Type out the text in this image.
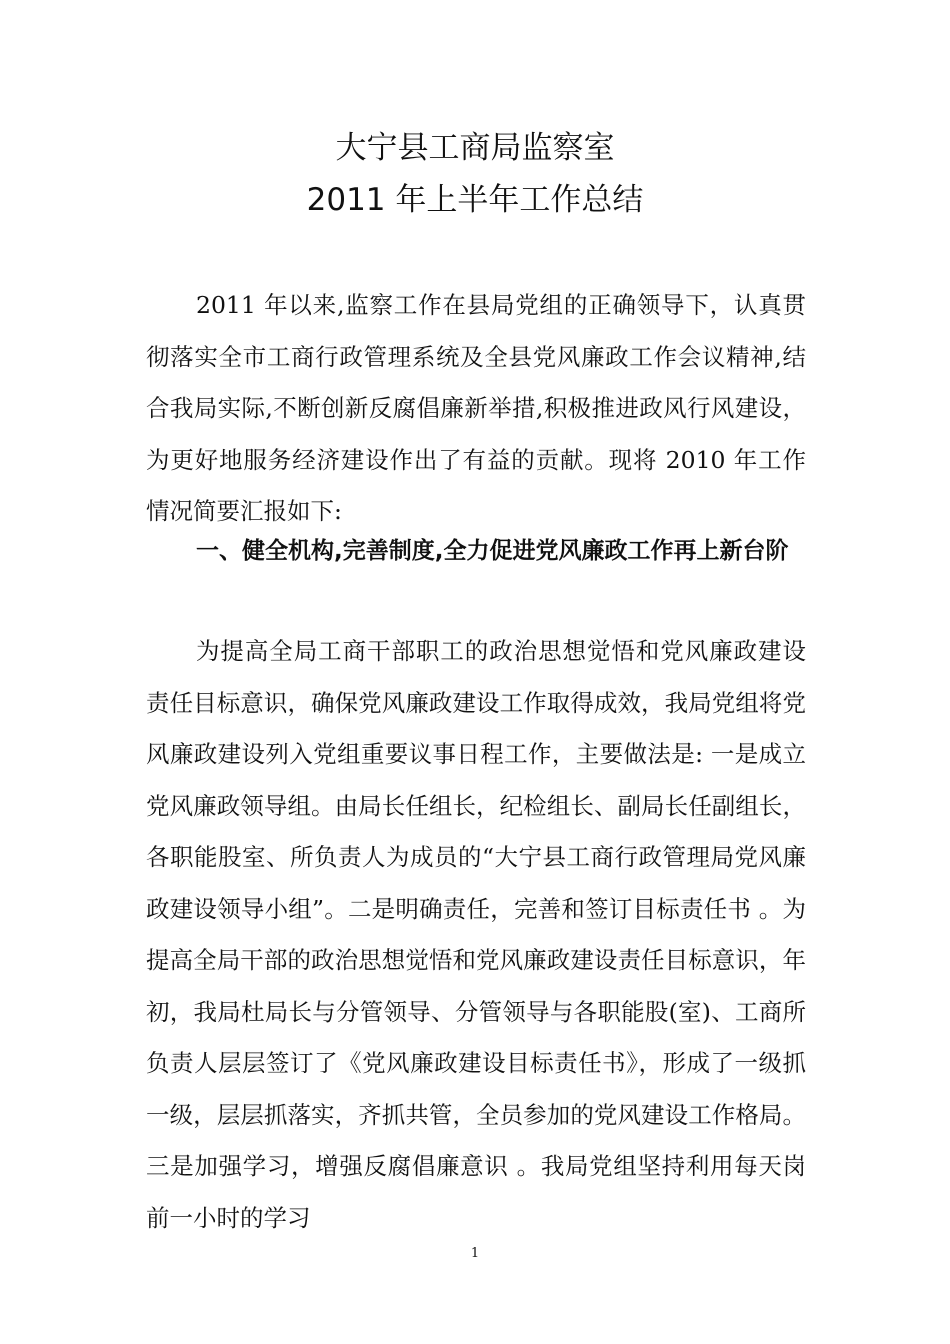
大宁县工商局监察室
2011 年上半年工作总结
2011 年以来,监察工作在县局党组的正确领导下，认真贯彻落实全市工商行政管理系统及全县党风廉政工作会议精神,结合我局实际,不断创新反腐倡廉新举措,积极推进政风行风建设，为更好地服务经济建设作出了有益的贡献。现将 2010 年工作情况简要汇报如下:
一、健全机构,完善制度,全力促进党风廉政工作再上新台阶
为提高全局工商干部职工的政治思想觉悟和党风廉政建设责任目标意识，确保党风廉政建设工作取得成效，我局党组将党风廉政建设列入党组重要议事日程工作，主要做法是: 一是成立党风廉政领导组。由局长任组长，纪检组长、副局长任副组长，各职能股室、所负责人为成员的“大宁县工商行政管理局党风廉政建设领导小组”。二是明确责任，完善和签订目标责任书 。为提高全局干部的政治思想觉悟和党风廉政建设责任目标意识，年初，我局杜局长与分管领导、分管领导与各职能股(室)、工商所负责人层层签订了《党风廉政建设目标责任书》，形成了一级抓一级，层层抓落实，齐抓共管，全员参加的党风建设工作格局。三是加强学习，增强反腐倡廉意识 。我局党组坚持利用每天岗前一小时的学习
1
